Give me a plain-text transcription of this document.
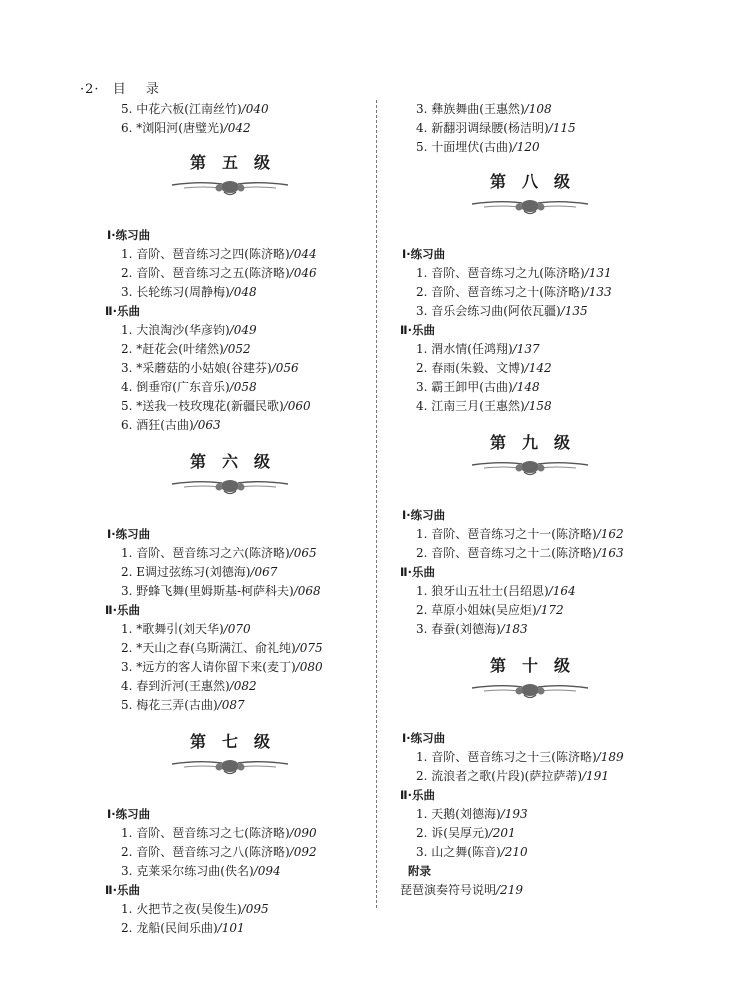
·2· 目 录
5. 中花六板(江南丝竹)/040
6. *浏阳河(唐璧光)/042
第五级
Ⅰ·练习曲
1. 音阶、琶音练习之四(陈济略)/044
2. 音阶、琶音练习之五(陈济略)/046
3. 长轮练习(周静梅)/048
Ⅱ·乐曲
1. 大浪淘沙(华彦钧)/049
2. *赶花会(叶绪然)/052
3. *采蘑菇的小姑娘(谷建芬)/056
4. 倒垂帘(广东音乐)/058
5. *送我一枝玫瑰花(新疆民歌)/060
6. 酒狂(古曲)/063
第六级
Ⅰ·练习曲
1. 音阶、琶音练习之六(陈济略)/065
2. E调过弦练习(刘德海)/067
3. 野蜂飞舞(里姆斯基-柯萨科夫)/068
Ⅱ·乐曲
1. *歌舞引(刘天华)/070
2. *天山之春(乌斯满江、俞礼纯)/075
3. *远方的客人请你留下来(麦丁)/080
4. 春到沂河(王惠然)/082
5. 梅花三弄(古曲)/087
第七级
Ⅰ·练习曲
1. 音阶、琶音练习之七(陈济略)/090
2. 音阶、琶音练习之八(陈济略)/092
3. 克莱采尔练习曲(佚名)/094
Ⅱ·乐曲
1. 火把节之夜(吴俊生)/095
2. 龙船(民间乐曲)/101
3. 彝族舞曲(王惠然)/108
4. 新翻羽调绿腰(杨洁明)/115
5. 十面埋伏(古曲)/120
第八级
Ⅰ·练习曲
1. 音阶、琶音练习之九(陈济略)/131
2. 音阶、琶音练习之十(陈济略)/133
3. 音乐会练习曲(阿依瓦疆)/135
Ⅱ·乐曲
1. 渭水情(任鸿翔)/137
2. 春雨(朱毅、文博)/142
3. 霸王卸甲(古曲)/148
4. 江南三月(王惠然)/158
第九级
Ⅰ·练习曲
1. 音阶、琶音练习之十一(陈济略)/162
2. 音阶、琶音练习之十二(陈济略)/163
Ⅱ·乐曲
1. 狼牙山五壮士(吕绍恩)/164
2. 草原小姐妹(吴应炬)/172
3. 春蚕(刘德海)/183
第十级
Ⅰ·练习曲
1. 音阶、琶音练习之十三(陈济略)/189
2. 流浪者之歌(片段)(萨拉萨蒂)/191
Ⅱ·乐曲
1. 天鹅(刘德海)/193
2. 诉(吴厚元)/201
3. 山之舞(陈音)/210
附录
琵琶演奏符号说明/219
